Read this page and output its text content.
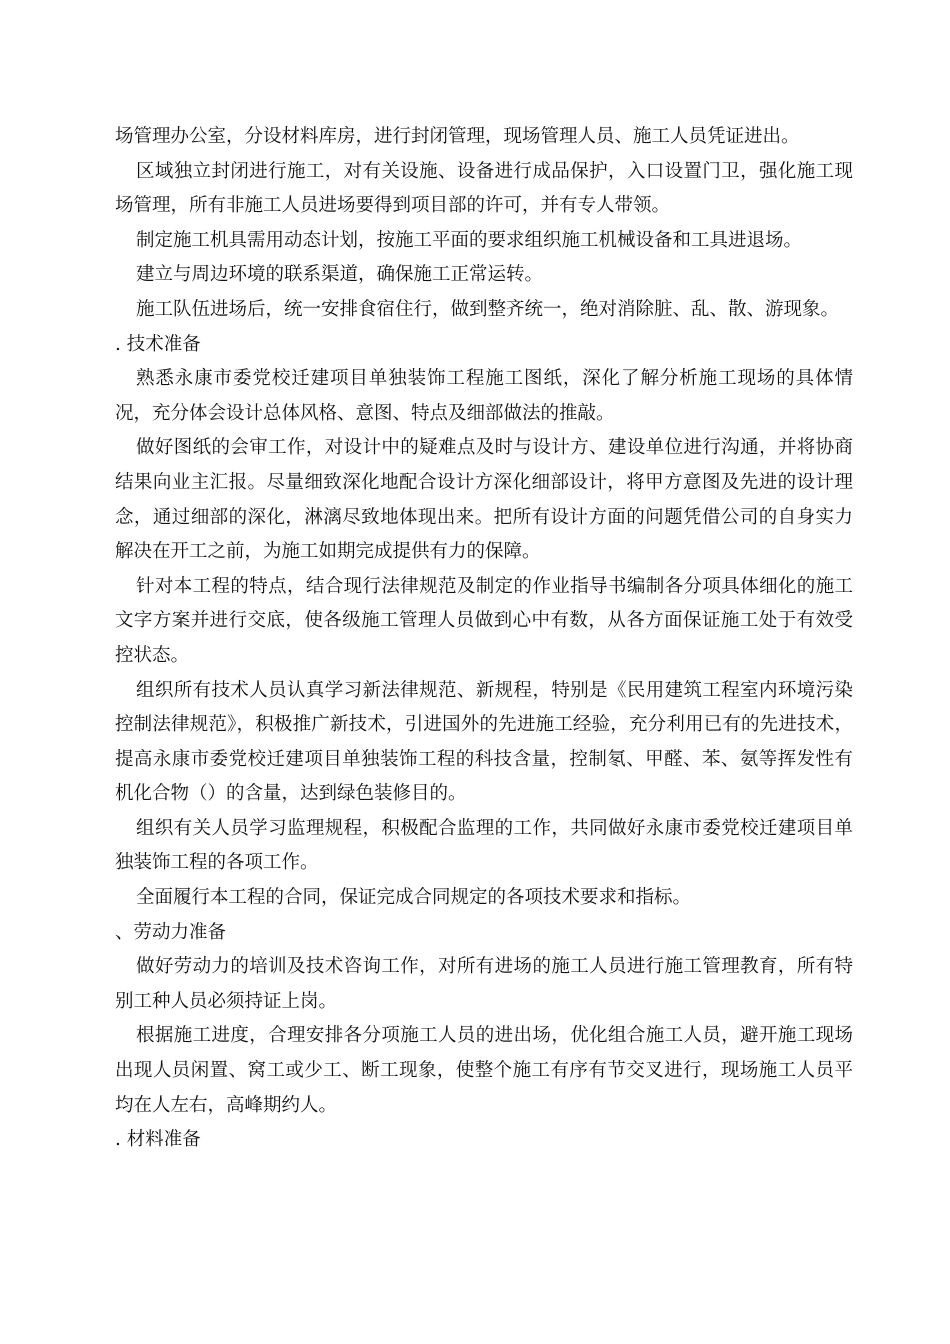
场管理办公室，分设材料库房，进行封闭管理，现场管理人员、施工人员凭证进出。

区域独立封闭进行施工，对有关设施、设备进行成品保护，入口设置门卫，强化施工现场管理，所有非施工人员进场要得到项目部的许可，并有专人带领。

制定施工机具需用动态计划，按施工平面的要求组织施工机械设备和工具进退场。

建立与周边环境的联系渠道，确保施工正常运转。

施工队伍进场后，统一安排食宿住行，做到整齐统一，绝对消除脏、乱、散、游现象。

. 技术准备

熟悉永康市委党校迁建项目单独装饰工程施工图纸，深化了解分析施工现场的具体情况，充分体会设计总体风格、意图、特点及细部做法的推敲。

做好图纸的会审工作，对设计中的疑难点及时与设计方、建设单位进行沟通，并将协商结果向业主汇报。尽量细致深化地配合设计方深化细部设计，将甲方意图及先进的设计理念，通过细部的深化，淋漓尽致地体现出来。把所有设计方面的问题凭借公司的自身实力解决在开工之前，为施工如期完成提供有力的保障。

针对本工程的特点，结合现行法律规范及制定的作业指导书编制各分项具体细化的施工文字方案并进行交底，使各级施工管理人员做到心中有数，从各方面保证施工处于有效受控状态。

组织所有技术人员认真学习新法律规范、新规程，特别是《民用建筑工程室内环境污染控制法律规范》，积极推广新技术，引进国外的先进施工经验，充分利用已有的先进技术，提高永康市委党校迁建项目单独装饰工程的科技含量，控制氡、甲醛、苯、氨等挥发性有机化合物（）的含量，达到绿色装修目的。

组织有关人员学习监理规程，积极配合监理的工作，共同做好永康市委党校迁建项目单独装饰工程的各项工作。

全面履行本工程的合同，保证完成合同规定的各项技术要求和指标。

、劳动力准备

做好劳动力的培训及技术咨询工作，对所有进场的施工人员进行施工管理教育，所有特别工种人员必须持证上岗。

根据施工进度，合理安排各分项施工人员的进出场，优化组合施工人员，避开施工现场出现人员闲置、窝工或少工、断工现象，使整个施工有序有节交叉进行，现场施工人员平均在人左右，高峰期约人。

. 材料准备
